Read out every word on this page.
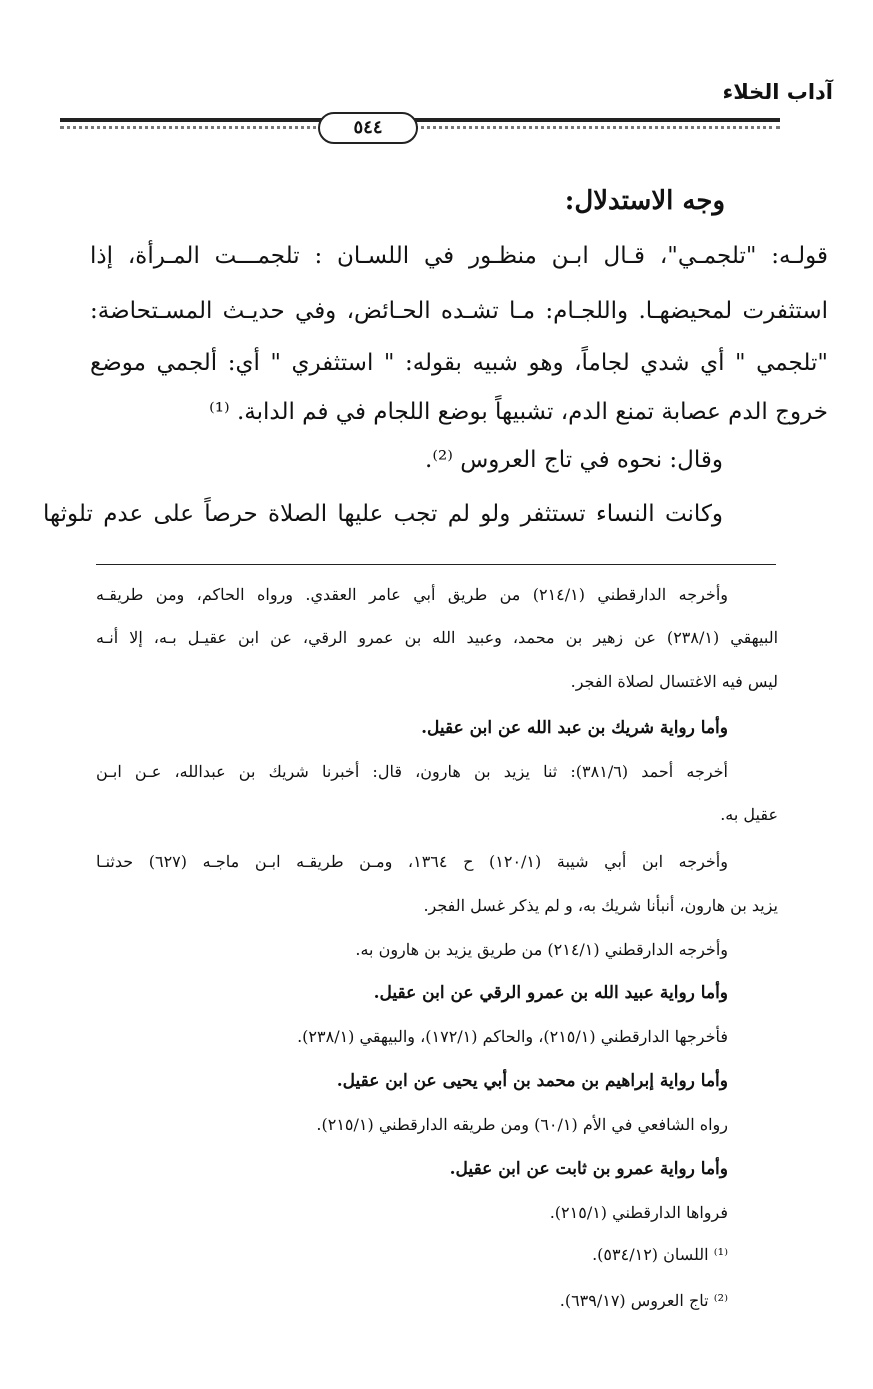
آداب الخلاء
٥٤٤
وجه الاستدلال:
قولـه: "تلجمـي"، قـال ابـن منظـور في اللسـان : تلجمـــت المـرأة، إذا
استثفرت لمحيضهـا. واللجـام: مـا تشـده الحـائض، وفي حديـث المسـتحاضة:
"تلجمي " أي شدي لجاماً، وهو شبيه بقوله: " استثفري " أي: ألجمي موضع
خروج الدم عصابة تمنع الدم، تشبيهاً بوضع اللجام في فم الدابة. ⁽¹⁾
وقال: نحوه في تاج العروس ⁽²⁾.
وكانت النساء تستثفر ولو لم تجب عليها الصلاة حرصاً على عدم تلوثها
وأخرجه الدارقطني (٢١٤/١) من طريق أبي عامر العقدي. ورواه الحاكم، ومن طريقـه
البيهقي (٢٣٨/١) عن زهير بن محمد، وعبيد الله بن عمرو الرقي، عن ابن عقيـل بـه، إلا أنـه
ليس فيه الاغتسال لصلاة الفجر.
وأما رواية شريك بن عبد الله عن ابن عقيل.
أخرجه أحمد (٣٨١/٦): ثنا يزيد بن هارون، قال: أخبرنا شريك بن عبدالله، عـن ابـن
عقيل به.
وأخرجه ابن أبي شيبة (١٢٠/١) ح ١٣٦٤، ومـن طريقـه ابـن ماجـه (٦٢٧) حدثنـا
يزيد بن هارون، أنبأنا شريك به، و لم يذكر غسل الفجر.
وأخرجه الدارقطني (٢١٤/١) من طريق يزيد بن هارون به.
وأما رواية عبيد الله بن عمرو الرقي عن ابن عقيل.
فأخرجها الدارقطني (٢١٥/١)، والحاكم (١٧٢/١)، والبيهقي (٢٣٨/١).
وأما رواية إبراهيم بن محمد بن أبي يحيى عن ابن عقيل.
رواه الشافعي في الأم (٦٠/١) ومن طريقه الدارقطني (٢١٥/١).
وأما رواية عمرو بن ثابت عن ابن عقيل.
فرواها الدارقطني (٢١٥/١).
⁽¹⁾ اللسان (٥٣٤/١٢).
⁽²⁾ تاج العروس (٦٣٩/١٧).
